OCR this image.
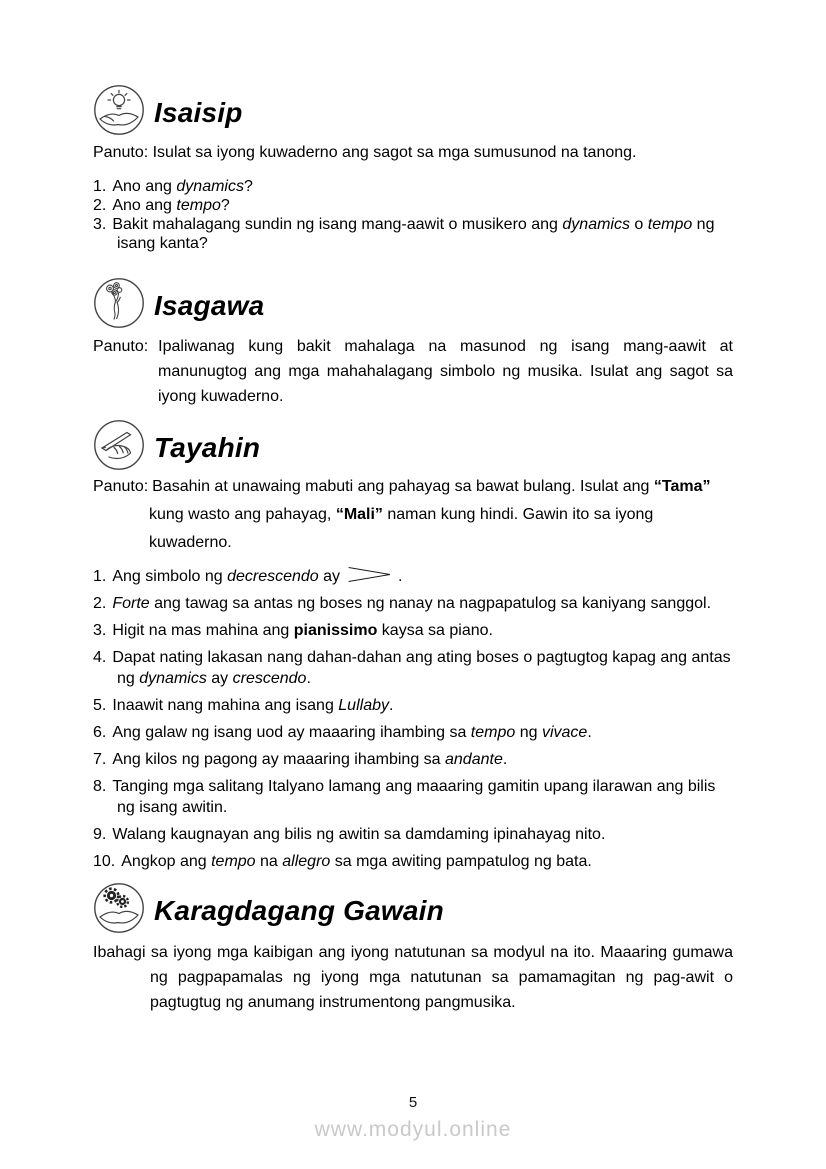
Isaisip

Panuto: Isulat sa iyong kuwaderno ang sagot sa mga sumusunod na tanong.

1. Ano ang dynamics?

2. Ano ang tempo?

3. Bakit mahalagang sundin ng isang mang-aawit o musikero ang dynamics o tempo ng isang kanta?

Isagawa

Panuto: Ipaliwanag kung bakit mahalaga na masunod ng isang mang-aawit at manunugtog ang mga mahahalagang simbolo ng musika. Isulat ang sagot sa iyong kuwaderno.

Tayahin

Panuto: Basahin at unawaing mabuti ang pahayag sa bawat bulang. Isulat ang “Tama” kung wasto ang pahayag, “Mali” naman kung hindi. Gawin ito sa iyong kuwaderno.

1. Ang simbolo ng decrescendo ay	.

2. Forte ang tawag sa antas ng boses ng nanay na nagpapatulog sa kaniyang sanggol.

3. Higit na mas mahina ang pianissimo kaysa sa piano.

4. Dapat nating lakasan nang dahan-dahan ang ating boses o pagtugtog kapag ang antas ng dynamics ay crescendo.

5. Inaawit nang mahina ang isang Lullaby.

6. Ang galaw ng isang uod ay maaaring ihambing sa tempo ng vivace.

7. Ang kilos ng pagong ay maaaring ihambing sa andante.

8. Tanging mga salitang Italyano lamang ang maaaring gamitin upang ilarawan ang bilis ng isang awitin.

9. Walang kaugnayan ang bilis ng awitin sa damdaming ipinahayag nito.

10. Angkop ang tempo na allegro sa mga awiting pampatulog ng bata.

Karagdagang Gawain

Ibahagi sa iyong mga kaibigan ang iyong natutunan sa modyul na ito. Maaaring gumawa ng pagpapamalas ng iyong mga natutunan sa pamamagitan ng pag-awit o pagtugtug ng anumang instrumentong pangmusika.

5
www.modyul.online
